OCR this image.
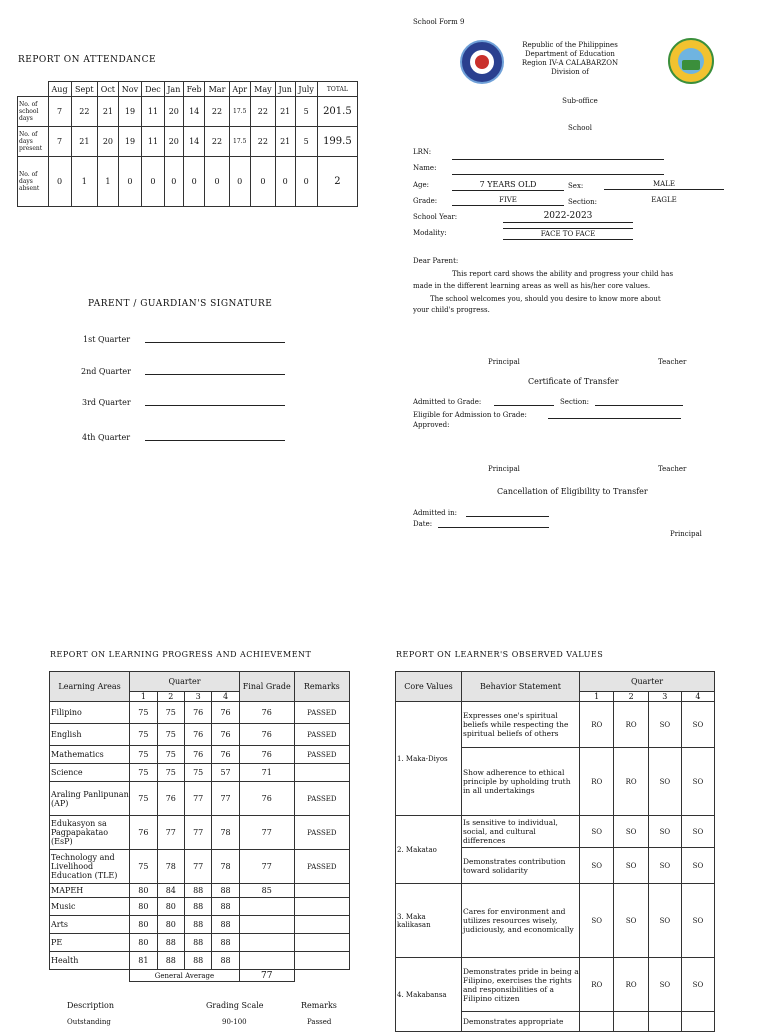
REPORT ON ATTENDANCE
	Aug	Sept	Oct	Nov	Dec	Jan	Feb	Mar	Apr	May	Jun	July	TOTAL
No. of school days	7	22	21	19	11	20	14	22	17.5	22	21	5	201.5
No. of days present	7	21	20	19	11	20	14	22	17.5	22	21	5	199.5
No. of days absent	0	1	1	0	0	0	0	0	0	0	0	0	2
PARENT / GUARDIAN'S SIGNATURE
1st Quarter
2nd Quarter
3rd Quarter
4th Quarter
School Form 9
Republic of the Philippines
Department of Education
Region IV-A CALABARZON
Division of
Sub-office
School
LRN:
Name:
Age:	7 YEARS OLD	Sex:	MALE
Grade:	FIVE	Section:	EAGLE
School Year:	2022-2023
Modality:	FACE TO FACE
Dear Parent:
This report card shows the ability and progress your child has
made in the different learning areas as well as his/her core values.
The school welcomes you, should you desire to know more about
your child's progress.
Principal	Teacher
Certificate of Transfer
Admitted to Grade:	Section:
Eligible for Admission to Grade:
Approved:
Principal	Teacher
Cancellation of Eligibility to Transfer
Admitted in:
Date:
Principal
REPORT ON LEARNING PROGRESS AND ACHIEVEMENT
Learning Areas	Quarter				Final Grade	Remarks
	1	2	3	4		
Filipino	75	75	76	76	76	PASSED
English	75	75	76	76	76	PASSED
Mathematics	75	75	76	76	76	PASSED
Science	75	75	75	57	71	
Araling Panlipunan (AP)	75	76	77	77	76	PASSED
Edukasyon sa Pagpapakatao (EsP)	76	77	77	78	77	PASSED
Technology and Livelihood Education (TLE)	75	78	77	78	77	PASSED
MAPEH	80	84	88	88	85	
Music	80	80	88	88		
Arts	80	80	88	88		
PE	80	88	88	88		
Health	81	88	88	88		
	General Average				77	
Description	Grading Scale	Remarks
Outstanding	90-100	Passed
REPORT ON LEARNER'S OBSERVED VALUES
Core Values	Behavior Statement	Quarter			
		1	2	3	4
1. Maka-Diyos	Expresses one's spiritual beliefs while respecting the spiritual beliefs of others	RO	RO	SO	SO
	Show adherence to ethical principle by upholding truth in all undertakings	RO	RO	SO	SO
2. Makatao	Is sensitive to individual, social, and cultural differences	SO	SO	SO	SO
	Demonstrates contribution toward solidarity	SO	SO	SO	SO
3. Maka kalikasan	Cares for environment and utilizes resources wisely, judiciously, and economically	SO	SO	SO	SO
4. Makabansa	Demonstrates pride in being a Filipino, exercises the rights and responsibilities of a Filipino citizen	RO	RO	SO	SO
	Demonstrates appropriate				
